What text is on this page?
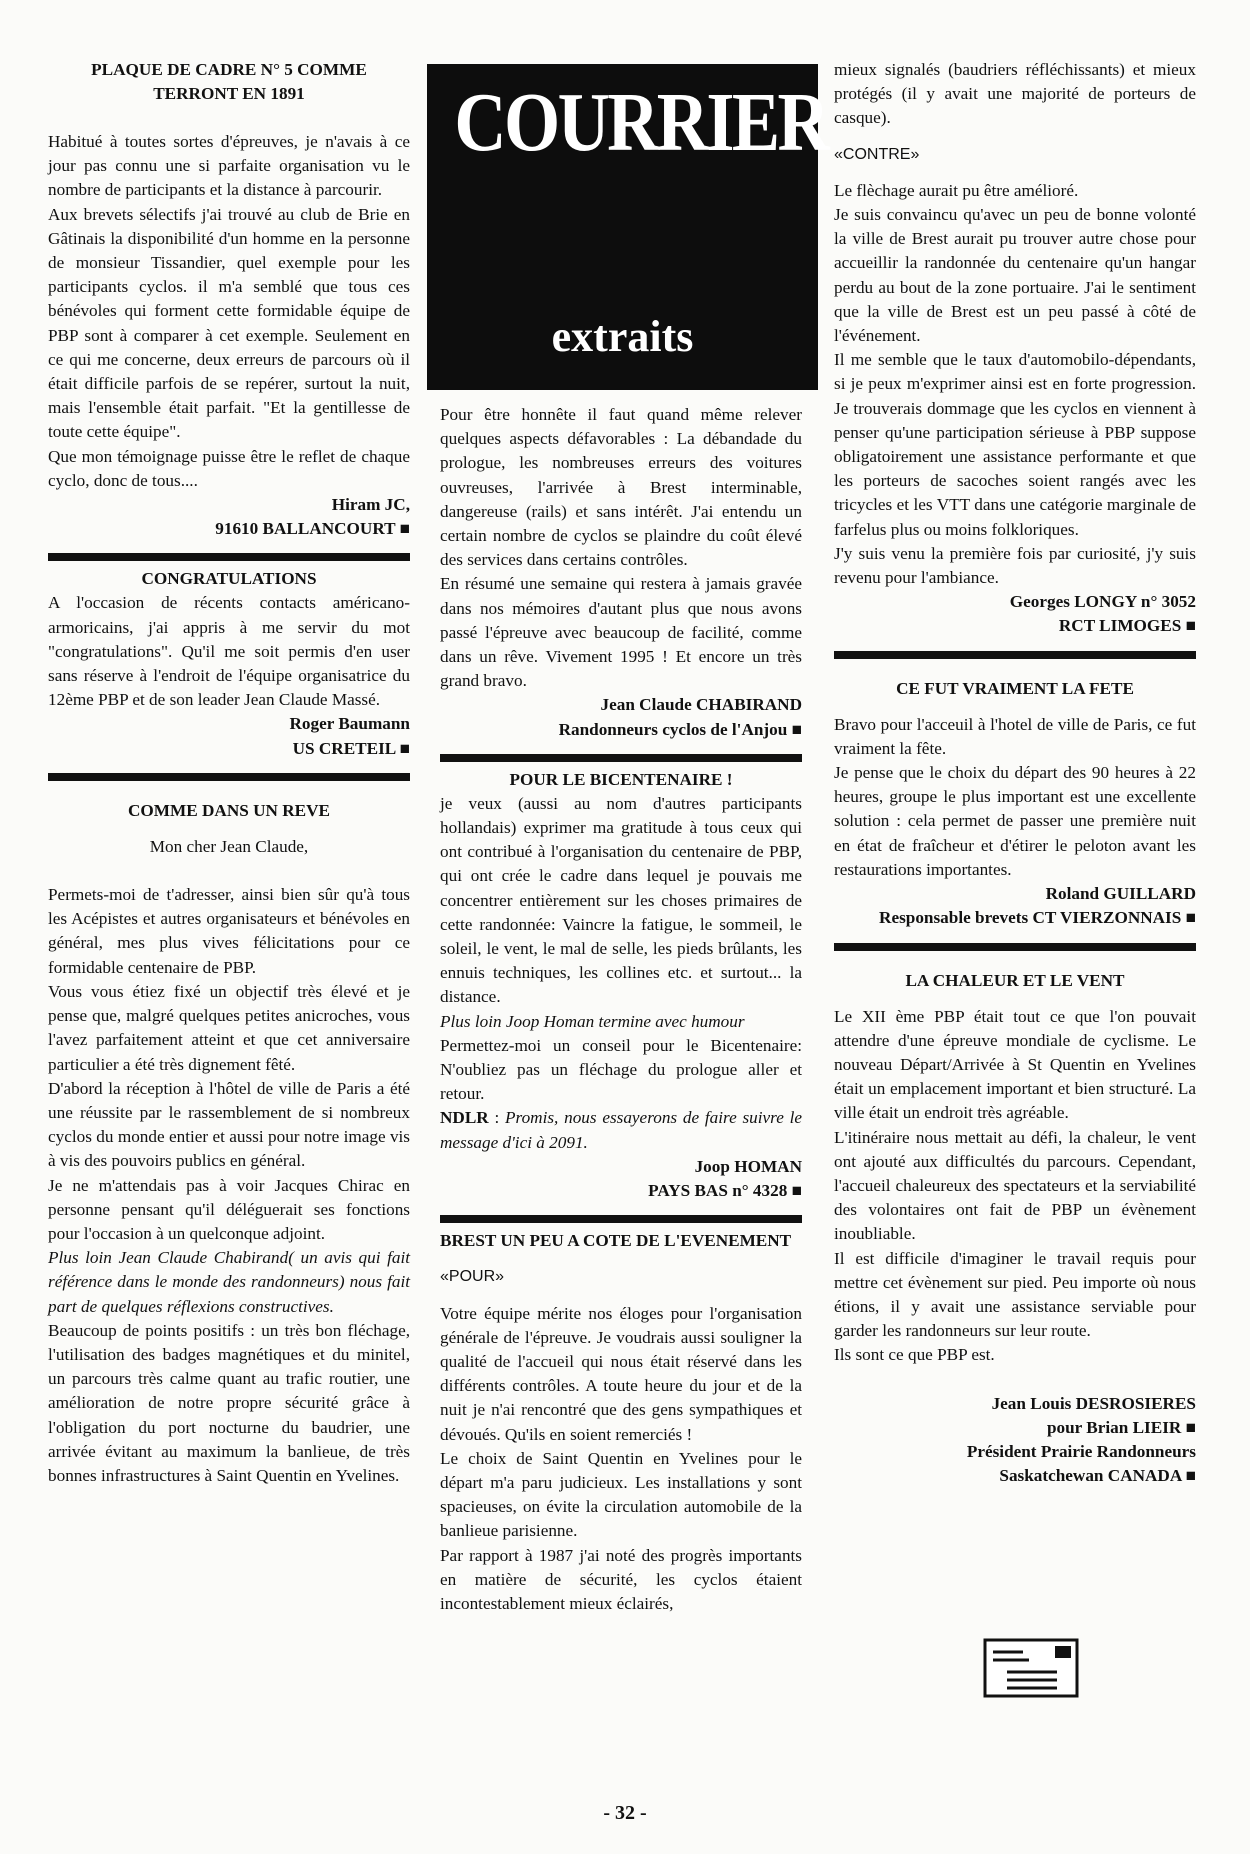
COURRIER
extraits

PLAQUE DE CADRE N° 5 COMME

TERRONT EN 1891

Habitué à toutes sortes d'épreuves, je n'avais à ce jour pas connu une si parfaite organisation vu le nombre de participants et la distance à parcourir.

Aux brevets sélectifs j'ai trouvé au club de Brie en Gâtinais la disponibilité d'un homme en la personne de monsieur Tissandier, quel exemple pour les participants cyclos. il m'a semblé que tous ces bénévoles qui forment cette formidable équipe de PBP sont à comparer à cet exemple. Seulement en ce qui me concerne, deux erreurs de parcours où il était difficile parfois de se repérer, surtout la nuit, mais l'ensemble était parfait. "Et la gentillesse de toute cette équipe".

Que mon témoignage puisse être le reflet de chaque cyclo, donc de tous....

Hiram JC,

91610 BALLANCOURT ■

CONGRATULATIONS

A l'occasion de récents contacts américano-armoricains, j'ai appris à me servir du mot "congratulations". Qu'il me soit permis d'en user sans réserve à l'endroit de l'équipe organisatrice du 12ème PBP et de son leader Jean Claude Massé.

Roger Baumann

US CRETEIL ■

COMME DANS UN REVE

Mon cher Jean Claude,

Permets-moi de t'adresser, ainsi bien sûr qu'à tous les Acépistes et autres organisateurs et bénévoles en général, mes plus vives félicitations pour ce formidable centenaire de PBP.

Vous vous étiez fixé un objectif très élevé et je pense que, malgré quelques petites anicroches, vous l'avez parfaitement atteint et que cet anniversaire particulier a été très dignement fêté.

D'abord la réception à l'hôtel de ville de Paris a été une réussite par le rassemblement de si nombreux cyclos du monde entier et aussi pour notre image vis à vis des pouvoirs publics en général.

Je ne m'attendais pas à voir Jacques Chirac en personne pensant qu'il déléguerait ses fonctions pour l'occasion à un quelconque adjoint.

Plus loin Jean Claude Chabirand( un avis qui fait référence dans le monde des randonneurs) nous fait part de quelques réflexions constructives.

Beaucoup de points positifs : un très bon fléchage, l'utilisation des badges magnétiques et du minitel, un parcours très calme quant au trafic routier, une amélioration de notre propre sécurité grâce à l'obligation du port nocturne du baudrier, une arrivée évitant au maximum la banlieue, de très bonnes infrastructures à Saint Quentin en Yvelines.

Pour être honnête il faut quand même relever quelques aspects défavorables : La débandade du prologue, les nombreuses erreurs des voitures ouvreuses, l'arrivée à Brest interminable, dangereuse (rails) et sans intérêt. J'ai entendu un certain nombre de cyclos se plaindre du coût élevé des services dans certains contrôles.

En résumé une semaine qui restera à jamais gravée dans nos mémoires d'autant plus que nous avons passé l'épreuve avec beaucoup de facilité, comme dans un rêve. Vivement 1995 ! Et encore un très grand bravo.

Jean Claude CHABIRAND

Randonneurs cyclos de l'Anjou ■

POUR LE BICENTENAIRE !

je veux (aussi au nom d'autres participants hollandais) exprimer ma gratitude à tous ceux qui ont contribué à l'organisation du centenaire de PBP, qui ont crée le cadre dans lequel je pouvais me concentrer entièrement sur les choses primaires de cette randonnée: Vaincre la fatigue, le sommeil, le soleil, le vent, le mal de selle, les pieds brûlants, les ennuis techniques, les collines etc. et surtout... la distance.

Plus loin Joop Homan termine avec humour

Permettez-moi un conseil pour le Bicentenaire: N'oubliez pas un fléchage du prologue aller et retour.

NDLR : Promis, nous essayerons de faire suivre le message d'ici à 2091.

Joop HOMAN

PAYS BAS n° 4328 ■

BREST UN PEU A COTE DE L'EVENEMENT

«POUR»

Votre équipe mérite nos éloges pour l'organisation générale de l'épreuve. Je voudrais aussi souligner la qualité de l'accueil qui nous était réservé dans les différents contrôles. A toute heure du jour et de la nuit je n'ai rencontré que des gens sympathiques et dévoués. Qu'ils en soient remerciés !

Le choix de Saint Quentin en Yvelines pour le départ m'a paru judicieux. Les installations y sont spacieuses, on évite la circulation automobile de la banlieue parisienne.

Par rapport à 1987 j'ai noté des progrès importants en matière de sécurité, les cyclos étaient incontestablement mieux éclairés,

mieux signalés (baudriers réfléchissants) et mieux protégés (il y avait une majorité de porteurs de casque).

«CONTRE»

Le flèchage aurait pu être amélioré.

Je suis convaincu qu'avec un peu de bonne volonté la ville de Brest aurait pu trouver autre chose pour accueillir la randonnée du centenaire qu'un hangar perdu au bout de la zone portuaire. J'ai le sentiment que la ville de Brest est un peu passé à côté de l'événement.

Il me semble que le taux d'automobilo-dépendants, si je peux m'exprimer ainsi est en forte progression. Je trouverais dommage que les cyclos en viennent à penser qu'une participation sérieuse à PBP suppose obligatoirement une assistance performante et que les porteurs de sacoches soient rangés avec les tricycles et les VTT dans une catégorie marginale de farfelus plus ou moins folkloriques.

J'y suis venu la première fois par curiosité, j'y suis revenu pour l'ambiance.

Georges LONGY n° 3052

RCT LIMOGES ■

CE FUT VRAIMENT LA FETE

Bravo pour l'acceuil à l'hotel de ville de Paris, ce fut vraiment la fête.

Je pense que le choix du départ des 90 heures à 22 heures, groupe le plus important est une excellente solution : cela permet de passer une première nuit en état de fraîcheur et d'étirer le peloton avant les restaurations importantes.

Roland GUILLARD

Responsable brevets CT VIERZONNAIS ■

LA CHALEUR ET LE VENT

Le XII ème PBP était tout ce que l'on pouvait attendre d'une épreuve mondiale de cyclisme. Le nouveau Départ/Arrivée à St Quentin en Yvelines était un emplacement important et bien structuré. La ville était un endroit très agréable.

L'itinéraire nous mettait au défi, la chaleur, le vent ont ajouté aux difficultés du parcours. Cependant, l'accueil chaleureux des spectateurs et la serviabilité des volontaires ont fait de PBP un évènement inoubliable.

Il est difficile d'imaginer le travail requis pour mettre cet évènement sur pied. Peu importe où nous étions, il y avait une assistance serviable pour garder les randonneurs sur leur route.

Ils sont ce que PBP est.

Jean Louis DESROSIERES

pour Brian LIEIR ■

Président Prairie Randonneurs

Saskatchewan CANADA ■

- 32 -
